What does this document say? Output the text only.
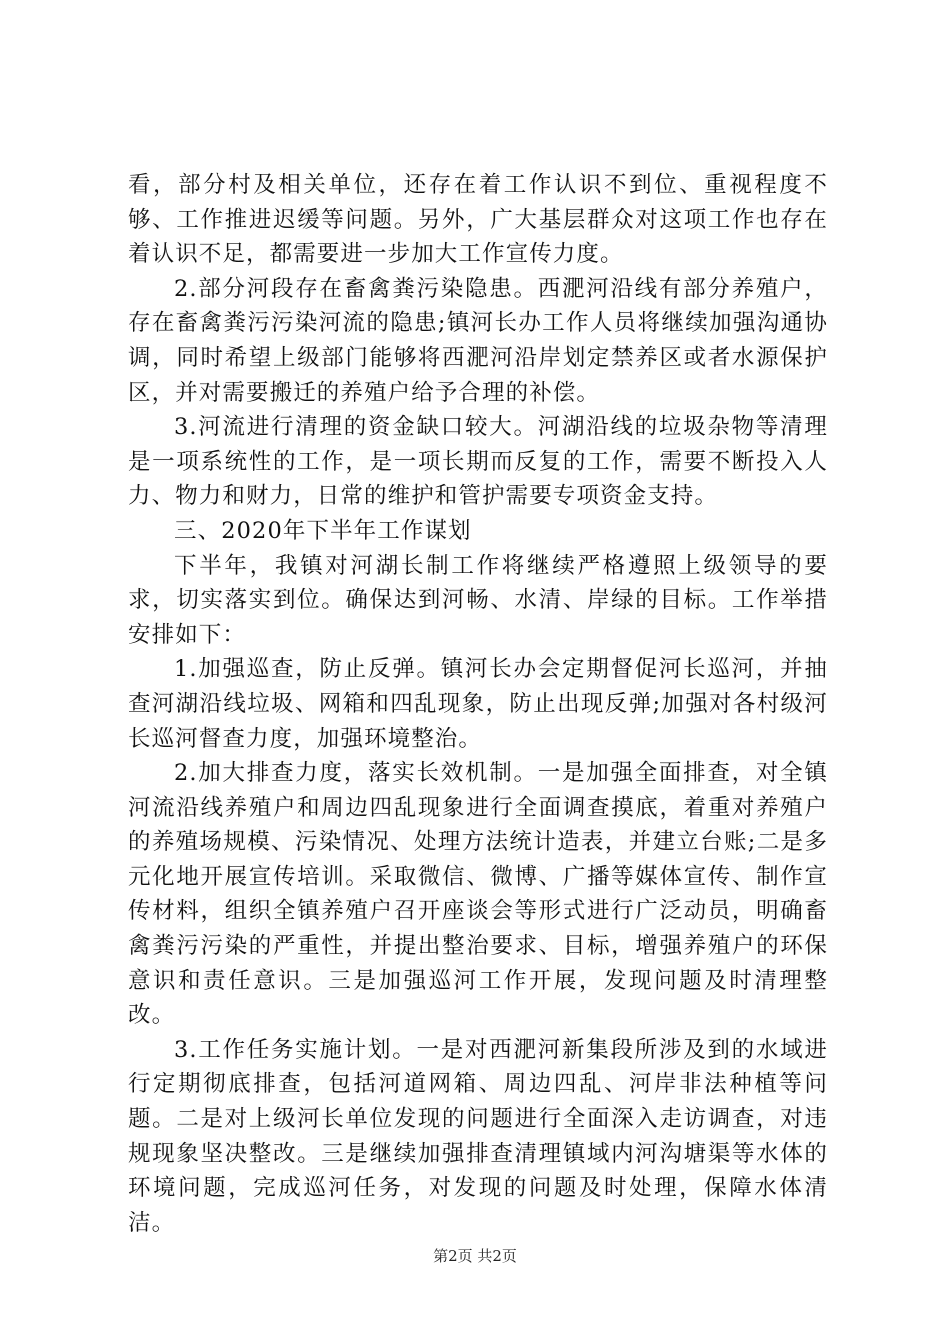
看，部分村及相关单位，还存在着工作认识不到位、重视程度不够、工作推进迟缓等问题。另外，广大基层群众对这项工作也存在着认识不足，都需要进一步加大工作宣传力度。

2.部分河段存在畜禽粪污染隐患。西淝河沿线有部分养殖户，存在畜禽粪污污染河流的隐患;镇河长办工作人员将继续加强沟通协调，同时希望上级部门能够将西淝河沿岸划定禁养区或者水源保护区，并对需要搬迁的养殖户给予合理的补偿。

3.河流进行清理的资金缺口较大。河湖沿线的垃圾杂物等清理是一项系统性的工作，是一项长期而反复的工作，需要不断投入人力、物力和财力，日常的维护和管护需要专项资金支持。

三、2020年下半年工作谋划

下半年，我镇对河湖长制工作将继续严格遵照上级领导的要求，切实落实到位。确保达到河畅、水清、岸绿的目标。工作举措安排如下：

1.加强巡查，防止反弹。镇河长办会定期督促河长巡河，并抽查河湖沿线垃圾、网箱和四乱现象，防止出现反弹;加强对各村级河长巡河督查力度，加强环境整治。

2.加大排查力度，落实长效机制。一是加强全面排查，对全镇河流沿线养殖户和周边四乱现象进行全面调查摸底，着重对养殖户的养殖场规模、污染情况、处理方法统计造表，并建立台账;二是多元化地开展宣传培训。采取微信、微博、广播等媒体宣传、制作宣传材料，组织全镇养殖户召开座谈会等形式进行广泛动员，明确畜禽粪污污染的严重性，并提出整治要求、目标，增强养殖户的环保意识和责任意识。三是加强巡河工作开展，发现问题及时清理整改。

3.工作任务实施计划。一是对西淝河新集段所涉及到的水域进行定期彻底排查，包括河道网箱、周边四乱、河岸非法种植等问题。二是对上级河长单位发现的问题进行全面深入走访调查，对违规现象坚决整改。三是继续加强排查清理镇域内河沟塘渠等水体的环境问题，完成巡河任务，对发现的问题及时处理，保障水体清洁。

第2页 共2页
